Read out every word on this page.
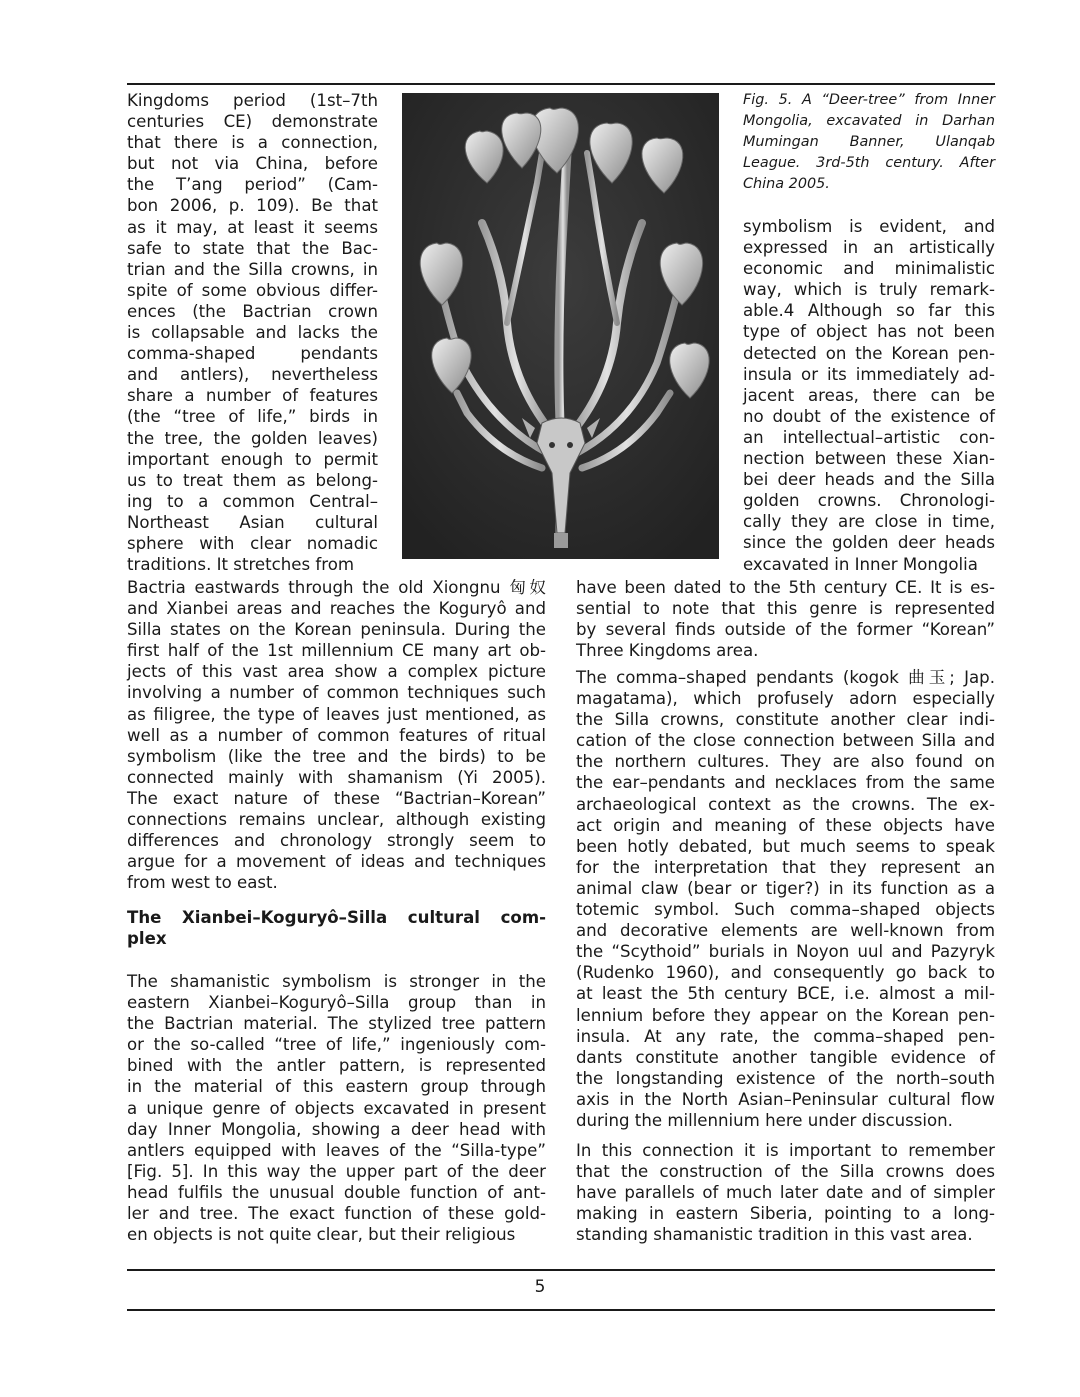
Kingdoms period (1st–7th
centuries CE) demonstrate
that there is a connection,
but not via China, before
the T’ang period” (Cam-
bon 2006, p. 109). Be that
as it may, at least it seems
safe to state that the Bac-
trian and the Silla crowns, in
spite of some obvious differ-
ences (the Bactrian crown
is collapsable and lacks the
comma-shaped pendants
and antlers), nevertheless
share a number of features
(the “tree of life,” birds in
the tree, the golden leaves)
important enough to permit
us to treat them as belong-
ing to a common Central–
Northeast Asian cultural
sphere with clear nomadic
traditions. It stretches from
Fig. 5. A “Deer-tree” from Inner
Mongolia, excavated in Darhan
Mumingan Banner, Ulanqab
League. 3rd-5th century. After
China 2005.
symbolism is evident, and
expressed in an artistically
economic and minimalistic
way, which is truly remark-
able.4 Although so far this
type of object has not been
detected on the Korean pen-
insula or its immediately ad-
jacent areas, there can be
no doubt of the existence of
an intellectual–artistic con-
nection between these Xian-
bei deer heads and the Silla
golden crowns. Chronologi-
cally they are close in time,
since the golden deer heads
excavated in Inner Mongolia
Bactria eastwards through the old Xiongnu 匈奴
and Xianbei areas and reaches the Koguryô and
Silla states on the Korean peninsula. During the
first half of the 1st millennium CE many art ob-
jects of this vast area show a complex picture
involving a number of common techniques such
as filigree, the type of leaves just mentioned, as
well as a number of common features of ritual
symbolism (like the tree and the birds) to be
connected mainly with shamanism (Yi 2005).
The exact nature of these “Bactrian–Korean”
connections remains unclear, although existing
differences and chronology strongly seem to
argue for a movement of ideas and techniques
from west to east.
The Xianbei–Koguryô–Silla cultural com-
plex
The shamanistic symbolism is stronger in the
eastern Xianbei–Koguryô–Silla group than in
the Bactrian material. The stylized tree pattern
or the so-called “tree of life,” ingeniously com-
bined with the antler pattern, is represented
in the material of this eastern group through
a unique genre of objects excavated in present
day Inner Mongolia, showing a deer head with
antlers equipped with leaves of the “Silla-type”
[Fig. 5]. In this way the upper part of the deer
head fulfils the unusual double function of ant-
ler and tree. The exact function of these gold-
en objects is not quite clear, but their religious
have been dated to the 5th century CE. It is es-
sential to note that this genre is represented
by several finds outside of the former “Korean”
Three Kingdoms area.
The comma–shaped pendants (kogok 曲玉; Jap.
magatama), which profusely adorn especially
the Silla crowns, constitute another clear indi-
cation of the close connection between Silla and
the northern cultures. They are also found on
the ear–pendants and necklaces from the same
archaeological context as the crowns. The ex-
act origin and meaning of these objects have
been hotly debated, but much seems to speak
for the interpretation that they represent an
animal claw (bear or tiger?) in its function as a
totemic symbol. Such comma–shaped objects
and decorative elements are well-known from
the “Scythoid” burials in Noyon uul and Pazyryk
(Rudenko 1960), and consequently go back to
at least the 5th century BCE, i.e. almost a mil-
lennium before they appear on the Korean pen-
insula. At any rate, the comma–shaped pen-
dants constitute another tangible evidence of
the longstanding existence of the north–south
axis in the North Asian–Peninsular cultural flow
during the millennium here under discussion.
In this connection it is important to remember
that the construction of the Silla crowns does
have parallels of much later date and of simpler
making in eastern Siberia, pointing to a long-
standing shamanistic tradition in this vast area.
5
